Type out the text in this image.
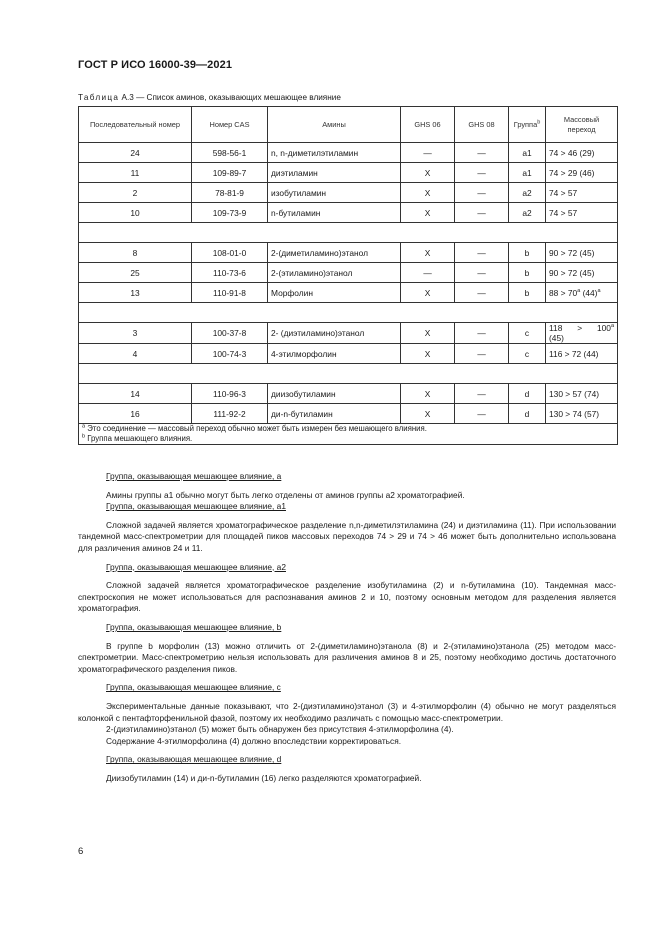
ГОСТ Р ИСО 16000-39—2021
Таблица А.3 — Список аминов, оказывающих мешающее влияние
Последовательный номер	Номер CAS	Амины	GHS 06	GHS 08	Группа$^b$	Массовый переход
24	598-56-1	n, n-диметилэтиламин	—	—	a1	74 > 46 (29)
11	109-89-7	диэтиламин	X	—	a1	74 > 29 (46)
2	78-81-9	изобутиламин	X	—	a2	74 > 57
10	109-73-9	n-бутиламин	X	—	a2	74 > 57

8	108-01-0	2-(диметиламино)этанол	X	—	b	90 > 72 (45)
25	110-73-6	2-(этиламино)этанол	—	—	b	90 > 72 (45)
13	110-91-8	Морфолин	X	—	b	$88 > 70^a$ $(44)^a$

3	100-37-8	2- (диэтиламино)этанол	X	—	c	$118 > 100^a$
(45)

4	100-74-3	4-этилморфолин	X	—	c	116 > 72 (44)

14	110-96-3	диизобутиламин	X	—	d	130 > 57 (74)
16	111-92-2	ди-n-бутиламин	X	—	d	130 > 74 (57)

$^a$ Это соединение — массовый переход обычно может быть измерен без мешающего влияния.
$^b$ Группа мешающего влияния.						

Группа, оказывающая мешающее влияние, a

Амины группы a1 обычно могут быть легко отделены от аминов группы a2 хроматографией.

Группа, оказывающая мешающее влияние, a1

Сложной задачей является хроматографическое разделение n,n-диметилэтиламина (24) и диэтиламина (11). При использовании тандемной масс-спектрометрии для площадей пиков массовых переходов 74 > 29 и 74 > 46 может быть дополнительно использована для различения аминов 24 и 11.

Группа, оказывающая мешающее влияние, a2

Сложной задачей является хроматографическое разделение изобутиламина (2) и n-бутиламина (10). Тандемная масс-спектроскопия не может использоваться для распознавания аминов 2 и 10, поэтому основным методом для разделения является хроматография.

Группа, оказывающая мешающее влияние, b

В группе b морфолин (13) можно отличить от 2-(диметиламино)этанола (8) и 2-(этиламино)этанола (25) методом масс-спектрометрии. Масс-спектрометрию нельзя использовать для различения аминов 8 и 25, поэтому необходимо достичь достаточного хроматографического разделения пиков.

Группа, оказывающая мешающее влияние, c

Экспериментальные данные показывают, что 2-(диэтиламино)этанол (3) и 4-этилморфолин (4) обычно не могут разделяться колонкой с пентафторфенильной фазой, поэтому их необходимо различать с помощью масс-спектрометрии.

2-(диэтиламино)этанол (5) может быть обнаружен без присутствия 4-этилморфолина (4).

Содержание 4-этилморфолина (4) должно впоследствии корректироваться.

Группа, оказывающая мешающее влияние, d

Диизобутиламин (14) и ди-n-бутиламин (16) легко разделяются хроматографией.

6
